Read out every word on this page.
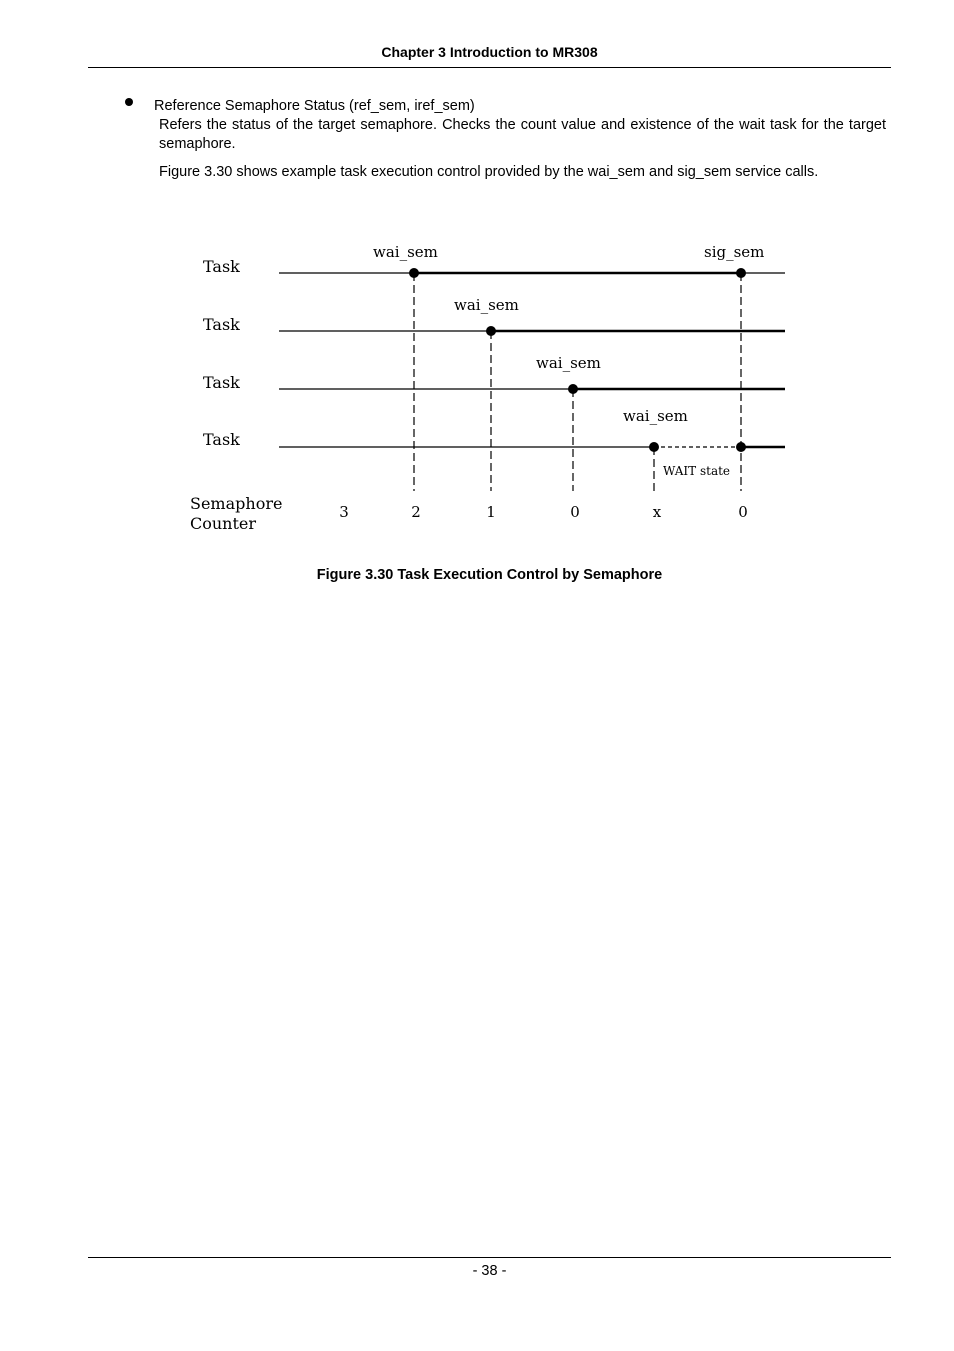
Chapter 3 Introduction to MR308
Reference Semaphore Status (ref_sem, iref_sem)
Refers the status of the target semaphore. Checks the count value and existence of the wait task for the target semaphore.
Figure 3.30 shows example task execution control provided by the wai_sem and sig_sem service calls.
Task
Task
Task
Task
wai_sem	sig_sem
wai_sem
wai_sem
wai_sem
WAIT state
Semaphore
Counter
3	2	1	0	x	0
Figure 3.30 Task Execution Control by Semaphore
- 38 -
